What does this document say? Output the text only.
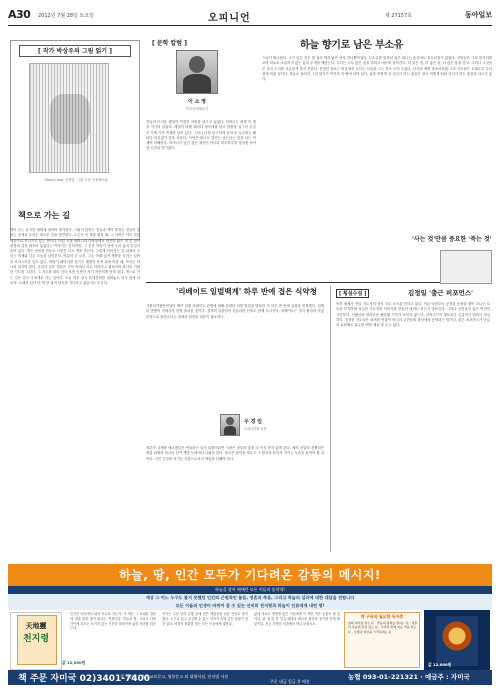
A30 2012년 7월 28일 토요일	오피니언	제 27157호	동아일보
[ 작가 박상우의 그림 읽기 ]
'Fancy Lang' 김영헌, '그림 모음' 이용해도됨
책으로 가는 길
책이 주는 숭고한 세계에 대하여 생각한다. 그림이 말하는 것들과 책이 말하는 것들이 맞닿는 곳에서 우리는 새로운 길을 발견한다. 누군가 이 책을 펼칠 때, 그 사람은 이미 다른 세상으로 건너가고 있는 셈이다. 어린 시절 할머니의 다락방에서 발견한 낡은 책 한 권이 평생의 길을 바꾸어 놓았다는 이야기는 흔하지만, 그 흔한 이야기 안에 우리 삶의 본질이 숨어 있다. 책은 사람을 만들고 사람은 다시 책을 만든다. 그렇게 이어지는 길 위에서 우리는 어제와 다른 오늘을 살아간다. 여름의 긴 오후, 그늘 아래 앉아 책장을 넘기는 일만큼 호사스러운 일도 없다. 바람이 페이지를 넘기고 햇빛이 문장 위에 머물 때, 독서는 하나의 의식이 된다. 우리가 읽은 책들은 기억 속에서 서로 이어지고 겹쳐지며 하나의 거대한 지도를 그린다. 그 지도를 따라 걷다 보면 언젠가 자기 자신에게 닿게 된다. 책으로 가는 길은 결국 나에게로 가는 길이다. 오늘 하루 잠시 휴대전화를 내려놓고 서가 앞에 서 보자. 오래전 읽다 만 책 한 권이 당신을 기다리고 있을지도 모른다.
[ 문학 칼럼 ]
이 소 영
작가·문학평론가
한낮의 뜨거운 햇살이 여전히 마당을 달구고 있었다. 어머니는 평생 이 집을 지키며 살았다. 계절이 바뀔 때마다 장독대를 닦고 텃밭을 일구던 손길은 이제 기억 속에만 남아 있다. 그러나 마당 한구석에 심어 둔 무궁화는 해마다 어김없이 꽃을 피운다. 사람은 떠나도 향기는 남는다는 말을 나는 이제야 이해한다. 어머니가 남긴 것은 재산이 아니라 하루하루를 정성껏 살아낸 시간의 향기였다.
하늘 향기로 남은 부소유
스님이 떠나셨다. 그가 남긴 것은 몇 권의 책과 낡은 의자 하나뿐이었다. 무소유를 말하던 삶은 떠나는 순간에도 흐트러짐이 없었다. 사람들은 그의 빈자리를 보며 비로소 소유하지 않는 삶의 무게를 깨닫는다. 우리는 너무 많은 것을 쥐려고 애쓰며 살아간다. 더 넓은 집, 더 좋은 차, 더 많은 통장 잔고. 그러나 그것들은 결국 우리를 자유롭게 하지 못한다. 진정한 풍요는 비움에서 온다는 사실을 그는 몸소 보여 주었다. 산사의 새벽 종소리처럼 그의 가르침은 오래도록 우리 곁에 머물 것이다. 하늘로 돌아간 그의 향기가 여전히 이 땅에 남아 있다. 삶을 어떻게 살 것인가 하는 물음은 결국 어떻게 떠날 것인가 하는 물음과 다르지 않다.
'사는 것'만큼 중요한 '죽는 것'
'리베이트 일벌백계' 하루 반에 접은 식약청
식품의약품안전청이 제약 업계 리베이트 관행에 대해 강력한 처벌 방침을 발표한 지 하루 반 만에 입장을 번복했다. 업계의 반발이 거세지자 한발 물러선 것이다. 정책의 일관성이 흔들리면 신뢰도 함께 무너진다. 리베이트는 결국 환자의 약값 부담으로 돌아온다는 점에서 엄정한 대응이 필요하다.
우 경 임
오피니언팀 차장
정부가 규제를 예고했다가 번복하는 일이 되풀이되면 시장은 정부의 말을 더 이상 믿지 않게 된다. 제약 산업의 경쟁력은 영업 관행이 아니라 신약 개발 능력에서 나와야 한다. 당국은 원칙을 세우고 그 원칙을 끝까지 지키는 모습을 보여야 할 것이다. 국민 건강을 지키는 기관으로서의 책임을 다해야 한다.
[ 횡설수설 ]	김정일 '출근 퍼포먼스'
북한 매체가 연일 지도자의 현지 지도 소식을 전하고 있다. 이른 아침부터 공장과 농장을 찾아 다니는 모습을 부각하며 성실한 지도자의 이미지를 만들어 내려는 의도가 엿보인다. 그러나 주민들의 삶은 여전히 고단하다. 식량난과 전력난은 해결될 기미가 보이지 않는다. 보여주기식 행보보다 실질적인 변화가 절실하다. 진정한 지도력은 화려한 연출이 아니라 주민들의 밥상에서 증명되는 법이다. 출근 퍼포먼스가 아무리 요란해도 굶주린 배를 채워 줄 수는 없다.
하늘, 땅, 인간 모두가 기다려온 감동의 메시지!
하늘을 찾아 헤매던 모든 이들의 종착역!
세상 그 어느 누구도 풀지 못했던 인간의 근원적인 물음, 영혼과 죽음, 그리고 하늘의 섭리에 대한 대답을 전합니다
모든 이들의 인생이 바뀌어 갈 수 있는 신비의 천지평과 하늘이 인류에게 내린 명!
天地靈
천지령
값 12,000원
인간은 어디에서 와서 어디로 가는가. 이 책은 그 오래된 질문에 대한 답을 찾아 떠나는 여정이다. 하늘과 땅, 그리고 사람 사이에 흐르는 보이지 않는 기운을 따라가며 삶의 의미를 되묻는다.
저자는 수십 년의 수행 끝에 얻은 깨달음을 쉬운 언어로 풀어냈다. 누구나 읽고 공감할 수 있는 이야기 속에 깊은 울림이 담겨 있다. 마음의 평화를 찾는 모든 이들에게 권한다.
삶에 지치고 방향을 잃은 이들에게 이 책은 작은 등불이 될 것이다. 한 장 한 장 넘길 때마다 새로운 희망과 용기를 얻게 될 것이다. 지금 가까운 서점에서 만나 보십시오.
책 구독의 필요한 독자층
삶의 의미를 찾는 분 · 마음의 평화를 원하는 분 · 영혼과 죽음에 관심 있는 분 · 가족과 함께 읽을 책을 찾는 분 · 수행과 명상을 시작하려는 분
값 12,000원
책 주문 자미국 02)3401-7400
책 구입처 : 전국 교보문고, 영풍문고 외 대형서점, 인터넷 서점
주문 대금 입금 후 배송
농협 093-01-221321 · 예금주 : 자미국
